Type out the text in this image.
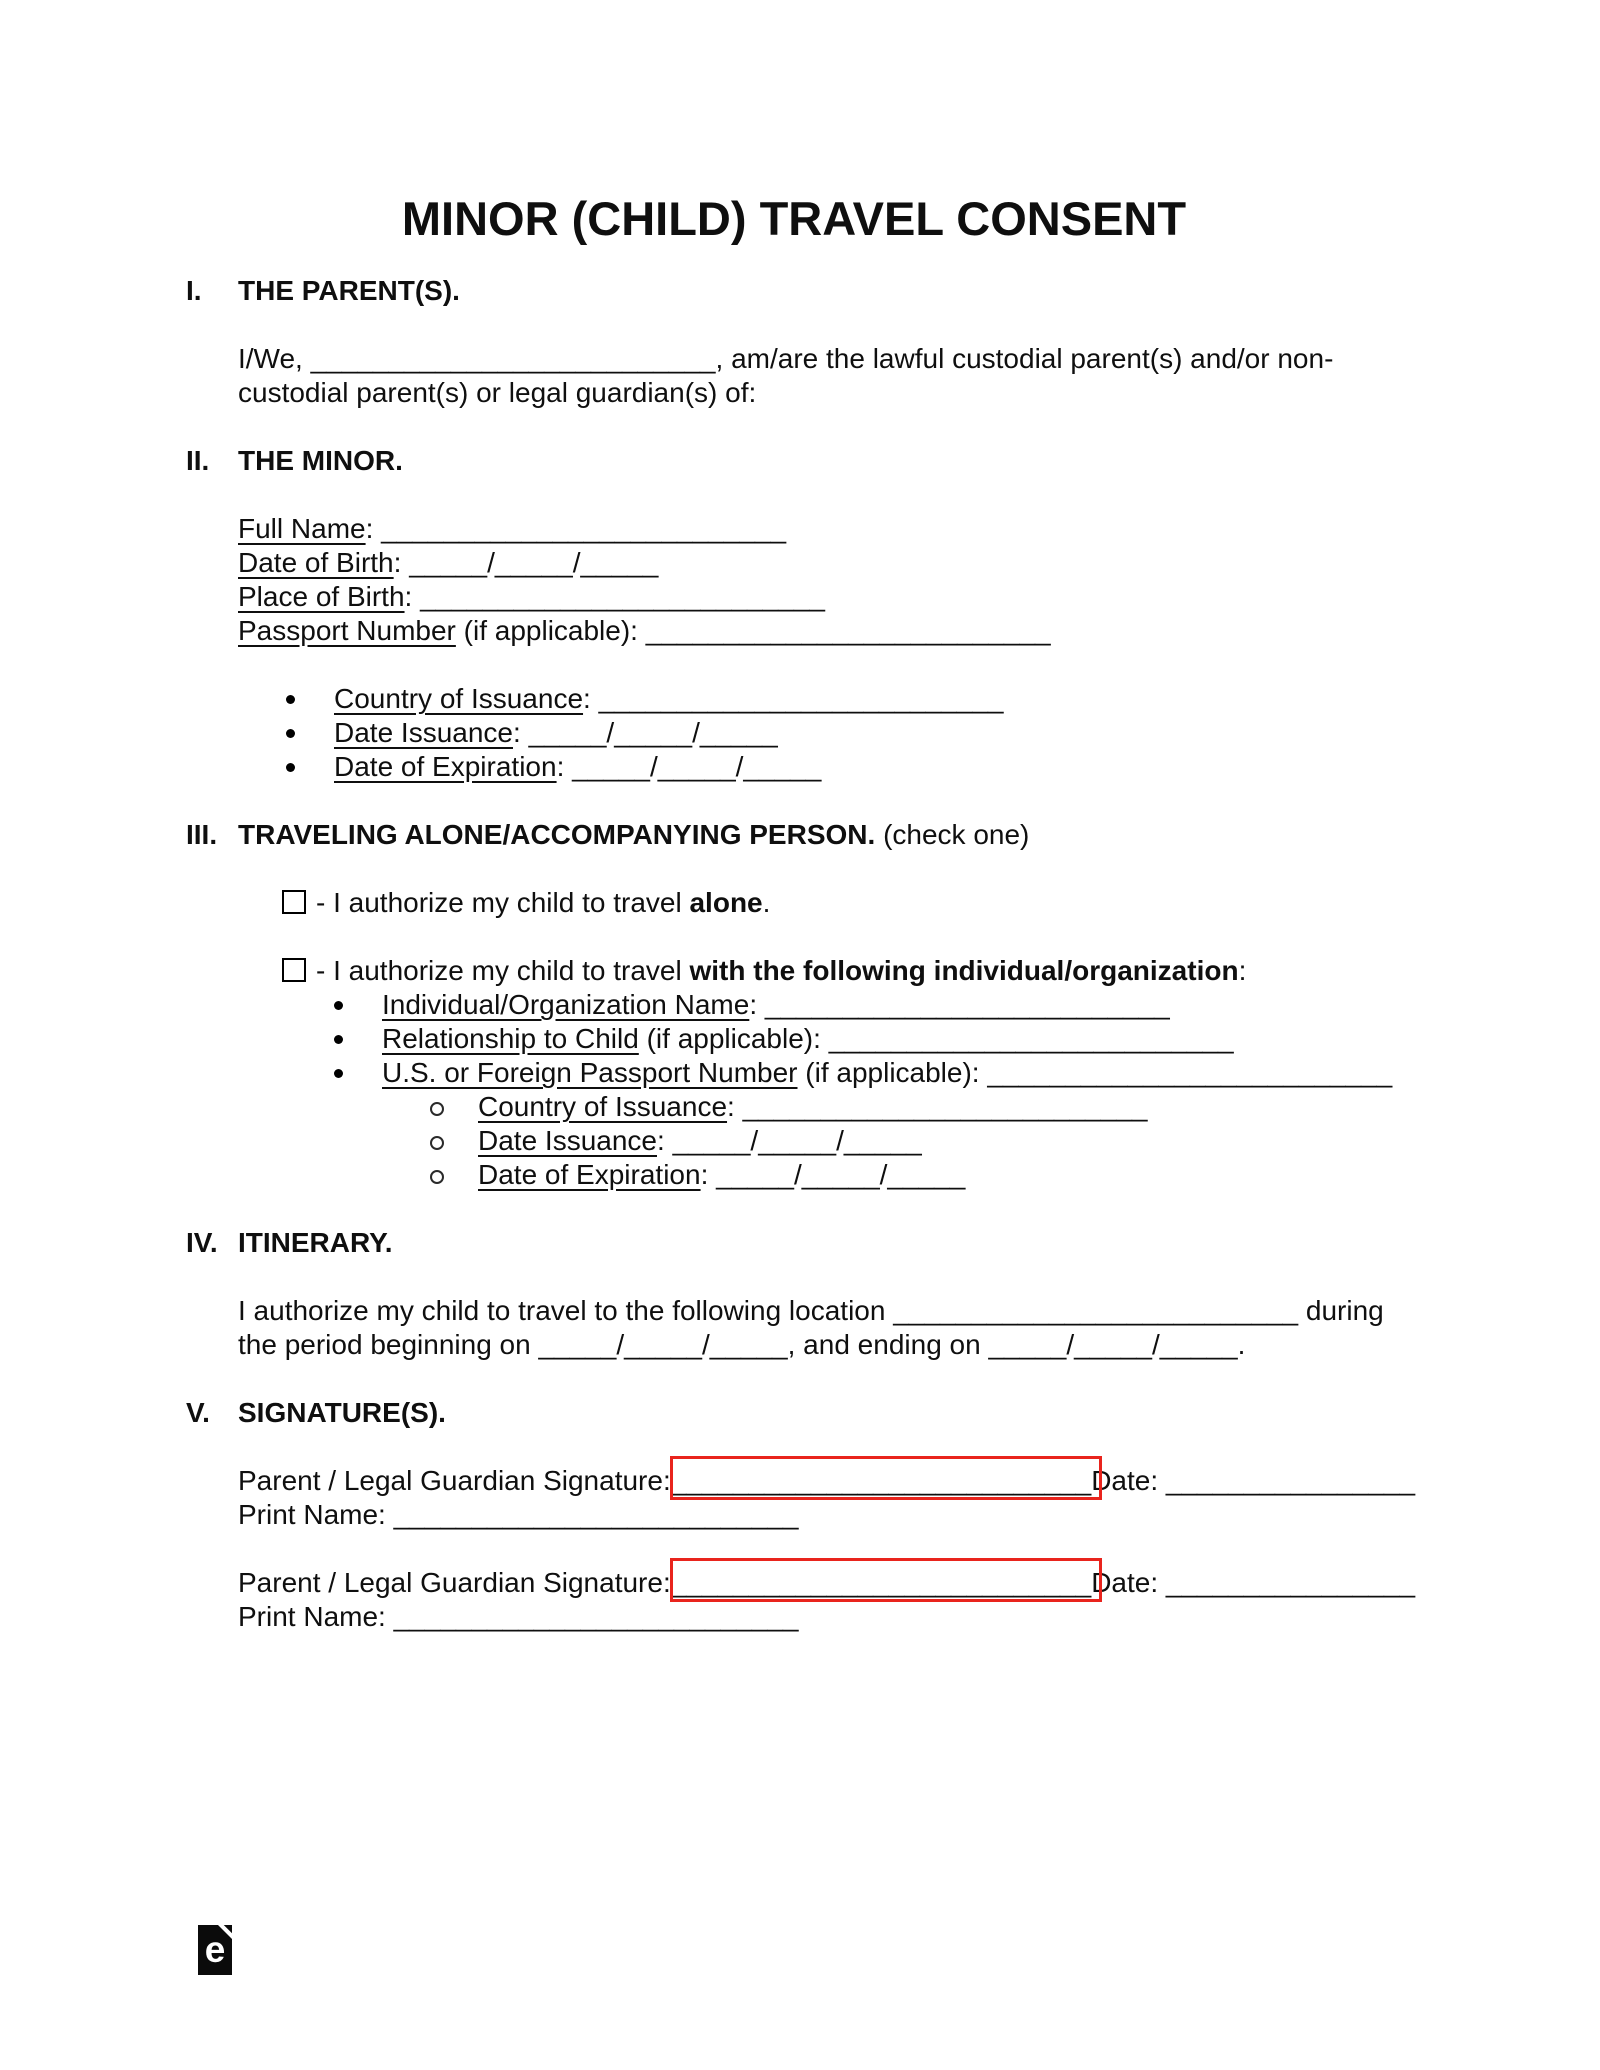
MINOR (CHILD) TRAVEL CONSENT
I. THE PARENT(S).

I/We, __________________________, am/are the lawful custodial parent(s) and/or non-custodial parent(s) or legal guardian(s) of:

II. THE MINOR.
Full Name: __________________________
Date of Birth: _____/_____/_____
Place of Birth: __________________________
Passport Number (if applicable): __________________________
Country of Issuance: __________________________
Date Issuance: _____/_____/_____
Date of Expiration: _____/_____/_____
III. TRAVELING ALONE/ACCOMPANYING PERSON. (check one)
- I authorize my child to travel alone.
- I authorize my child to travel with the following individual/organization:
Individual/Organization Name: __________________________
Relationship to Child (if applicable): __________________________
U.S. or Foreign Passport Number (if applicable): __________________________
Country of Issuance: __________________________
Date Issuance: _____/_____/_____
Date of Expiration: _____/_____/_____
IV. ITINERARY.

I authorize my child to travel to the following location __________________________ during the period beginning on _____/_____/_____, and ending on _____/_____/_____.

V. SIGNATURE(S).
Parent / Legal Guardian Signature:___________________________
Date: ________________
Print Name: __________________________
Parent / Legal Guardian Signature:___________________________
Date: ________________
Print Name: __________________________
e
